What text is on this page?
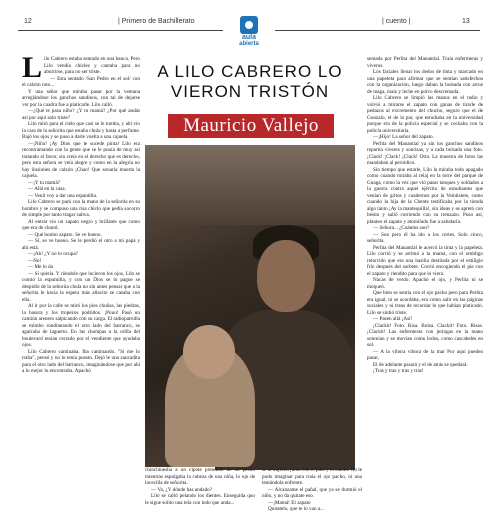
12	| Primero de Bachillerato
aula
abierta
| cuento |	13
A LILO CABRERO LO VIERON TRISTÓN
Mauricio Vallejo

Lilo Cabrero estaba sentado en una banca. Pero Lilo vendía chicles y cantaba para no aburrirse, para no ser triste.

— Esta sentado /San Pedro en el sol/ con el calzón roto...

Y una señor que miraba pasar por la ventana arreglándose los ganchos sandinos, con tal de dejarse ver por la cuadra fue a platicarle. Lilo calló.

—¿Qué te pasa niño? ¿Y tu mamá? ¿Por qué andás así por aquí solo triste?

Lilo miró para el cielo que casi se le tumba, y ahí vio la cara de la señorita que estaba chula y hasta a perfume. Bajó los ojos y se puso a darle vuelta a una cajuela.

—¡Niño! ¡Ay Dios que le sucede pinta! Lilo era recontramando con la gente que se le ponía de muy así tratando el favor, sin creía en el derecho que es derecho, pero esta señora se veía alegre y como en la alegría no hay ilusiones de calzón ¡Chao! Que sonaría muerta la cajuela.

—¡Y tu mamá?

— Allá en la casa.

— Venil voy a dar una espantilla.

Lilo Cabrero se paró con la mano de la señorita en su hombro y se compuso una risa chiclo que pedía socorro de simple por tanto tragar saliva.

Al entrar vio un zapato negro y brillante que como que era de charol.

— Qué bonito zapato. Se ve bueno.

— Sí, se ve bueno. Se le perdió el otro a mi papá y ahí está.

—¡Ah! ¿Y no lo ocupa?

—No!

— Me lo da

— Sí quería. Y riéndole que lucieron los ojos, Lilo se comió la espumilla, y con un Dios se lo pague se despidió de la señorita chula no sin antes pensar que a la señorita le hacía la espera más allacito se casaba con ella.

Al ir por la calle se miró los pies chuñas, las piedras, la basura y los tropezos podridos. ¡Puuu! Pasó un camión arenero salpicando con su carga. El radiopatrulla se mimbo rondineando el otro lado del barranco, se agarraba de laguerto. En las chompas a la orilla del boulevard tenían cerrado por el vendiente que ayudaba ojos.

Lilo Cabrero caminaba. Iba caminando. "Si me lo traba", pensó y no lo tenía puesto. Dejó le una zancadita para el otro lado del barranco, imaginándose que por ahí a lo mejor lo encontraba. Apachó

chinchinesba a un cipote prendido de su pecho mientras espulgaba la cabeza de una niña, lo ojo de lucecilla de señorita.

— Va, ¿Y dónde has andado?

Lilo se calló pelando los dientes. Enseguida quo le sigue solito una tela con lodo que anda...

se la trajeron junto con el pato y el candil. No le pudo imaginar para traía el ojo pacho, ni una tentándola enfrente.

— Alcanzame el pañal, que ya se durmió el niño, y no da quitate eso.

—¡Mamá! El zapato

Quitatelo, que te lo van a...

sentada por Perlita del Manantial. Traía enfermeras y viveros.

Los faciales llenar los dedos de tinta y marcado en una papeleta para afirmar que se sentían satisfechos con la organización, luego daban la bolsada con arroz de maga, maíz y leche en polvo descremada.

Lilo Cabrero se limpió las manos en el radio y volvió a mirarse el zapato con ganas de tirarle de pedazos al excremento del chucho, seguro que el de Gonzalo, el de la par, que estudiaba en la universidad porque era de la policía especial y se cochaba con la policía universitaria.

—¡Hijo! La señor del zapato.

Perlita del Manantial ya sin los ganchos sandinos repartía víveres y sonrisas, y a cada bolsada una foto. ¡Clack! ¡Clack! ¡Clack! Otra. La muestra de fotos las mandaban al periódico.

Sin tiempo que estarle, Lilo la miraba todo apagado como cuando miraba al relaj en la torre del parque de Guaga, como la vez que vió pasar tanques y soldados a la guerra contra aquel ejército de estudiantes que venían de gritos y cuadernos por la Veintisiete, como cuando la hija de la Chente testificaba por la tienda algo tanto ¡Ay la mantequilla!, sin ideas y se apretó con besito y salió corriendo con su trenzazo. Puso así, planteo el zapato y atornilado fue a saludarla.

— Señora... ¿Cuántos son?

— Son pero él ha ido a los cortes. Solo cinco, señorita.

Perlita del Manantial le acercó la tinta y la papeleta. Lilo corrió y se arrimó a la mamá, con el ombligo retorcido que era una basilia destilada por el estiligio frío después del sorbete. Corrió encogiendo el pie con el zapato y riendito para que lo viera.

Nacas de verdo. Apachó el ojo, y Perlita ni se moqueó.

Que bien se sentía con el ojo pacho pero para Perlita era igual, ni se acordaba, era como salir en las páginas sociales y ni trans de recordar lo que habían platicado. Lilo se sintió triste.

— Pasen allá ¡Así!

¡Clackit! Foto. Risa. Bolsa. Clackit! Foto. Risas. ¡Clackit! Las enfermeras con jeringas en la mano sonreían y se movían como lodos, como cascabeles en sol.

— A la vibora vibora de la mar Por aquí pueden pasar,

El de adelante pasará y el de atrás se quedará.

¡Tras y tras y tras y tras!
